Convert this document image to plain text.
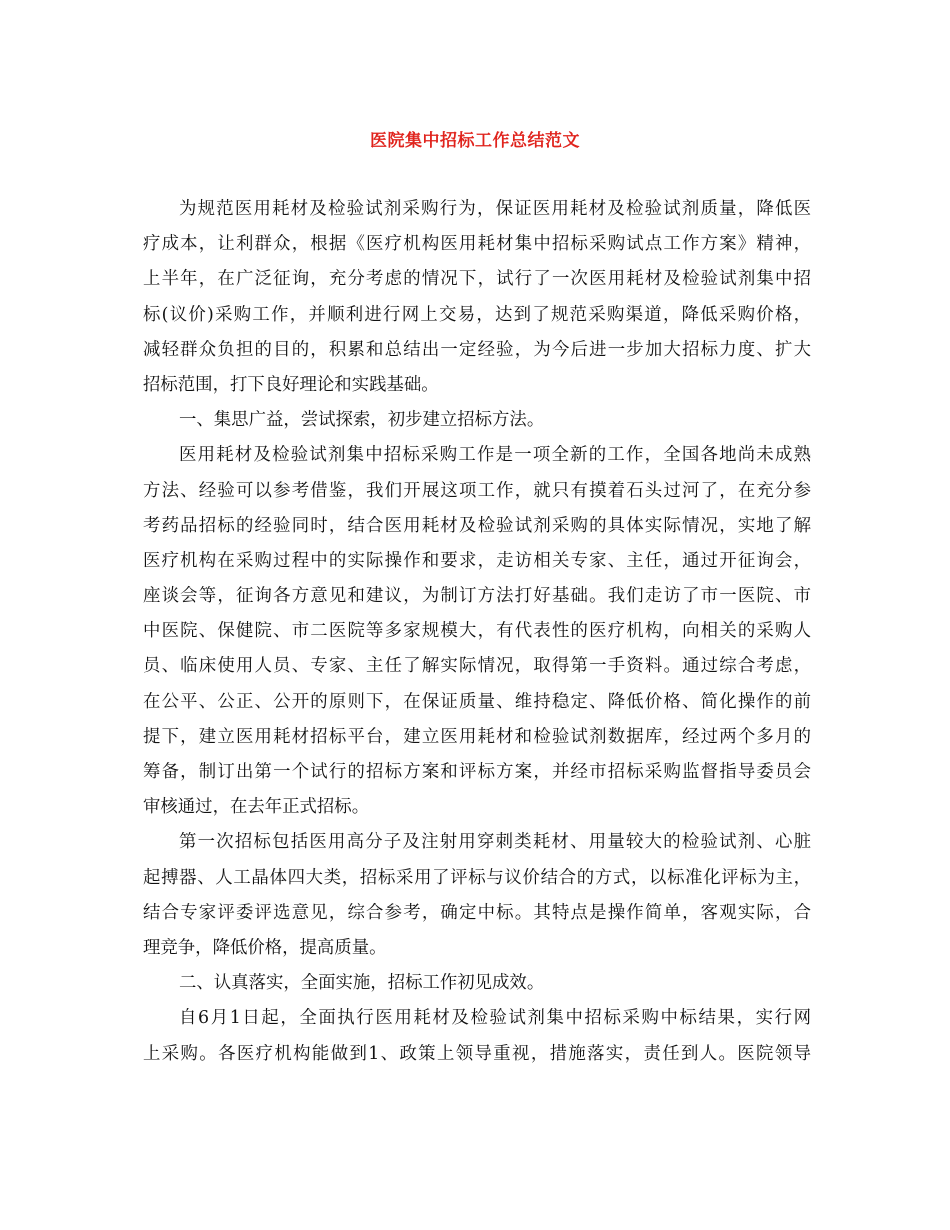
医院集中招标工作总结范文
为规范医用耗材及检验试剂采购行为，保证医用耗材及检验试剂质量，降低医
疗成本，让利群众，根据《医疗机构医用耗材集中招标采购试点工作方案》精神，
上半年，在广泛征询，充分考虑的情况下，试行了一次医用耗材及检验试剂集中招
标(议价)采购工作，并顺利进行网上交易，达到了规范采购渠道，降低采购价格，
减轻群众负担的目的，积累和总结出一定经验，为今后进一步加大招标力度、扩大
招标范围，打下良好理论和实践基础。
一、集思广益，尝试探索，初步建立招标方法。
医用耗材及检验试剂集中招标采购工作是一项全新的工作，全国各地尚未成熟
方法、经验可以参考借鉴，我们开展这项工作，就只有摸着石头过河了，在充分参
考药品招标的经验同时，结合医用耗材及检验试剂采购的具体实际情况，实地了解
医疗机构在采购过程中的实际操作和要求，走访相关专家、主任，通过开征询会，
座谈会等，征询各方意见和建议，为制订方法打好基础。我们走访了市一医院、市
中医院、保健院、市二医院等多家规模大，有代表性的医疗机构，向相关的采购人
员、临床使用人员、专家、主任了解实际情况，取得第一手资料。通过综合考虑，
在公平、公正、公开的原则下，在保证质量、维持稳定、降低价格、简化操作的前
提下，建立医用耗材招标平台，建立医用耗材和检验试剂数据库，经过两个多月的
筹备，制订出第一个试行的招标方案和评标方案，并经市招标采购监督指导委员会
审核通过，在去年正式招标。
第一次招标包括医用高分子及注射用穿刺类耗材、用量较大的检验试剂、心脏
起搏器、人工晶体四大类，招标采用了评标与议价结合的方式，以标准化评标为主，
结合专家评委评选意见，综合参考，确定中标。其特点是操作简单，客观实际，合
理竞争，降低价格，提高质量。
二、认真落实，全面实施，招标工作初见成效。
自6月1日起，全面执行医用耗材及检验试剂集中招标采购中标结果，实行网
上采购。各医疗机构能做到1、政策上领导重视，措施落实，责任到人。医院领导
